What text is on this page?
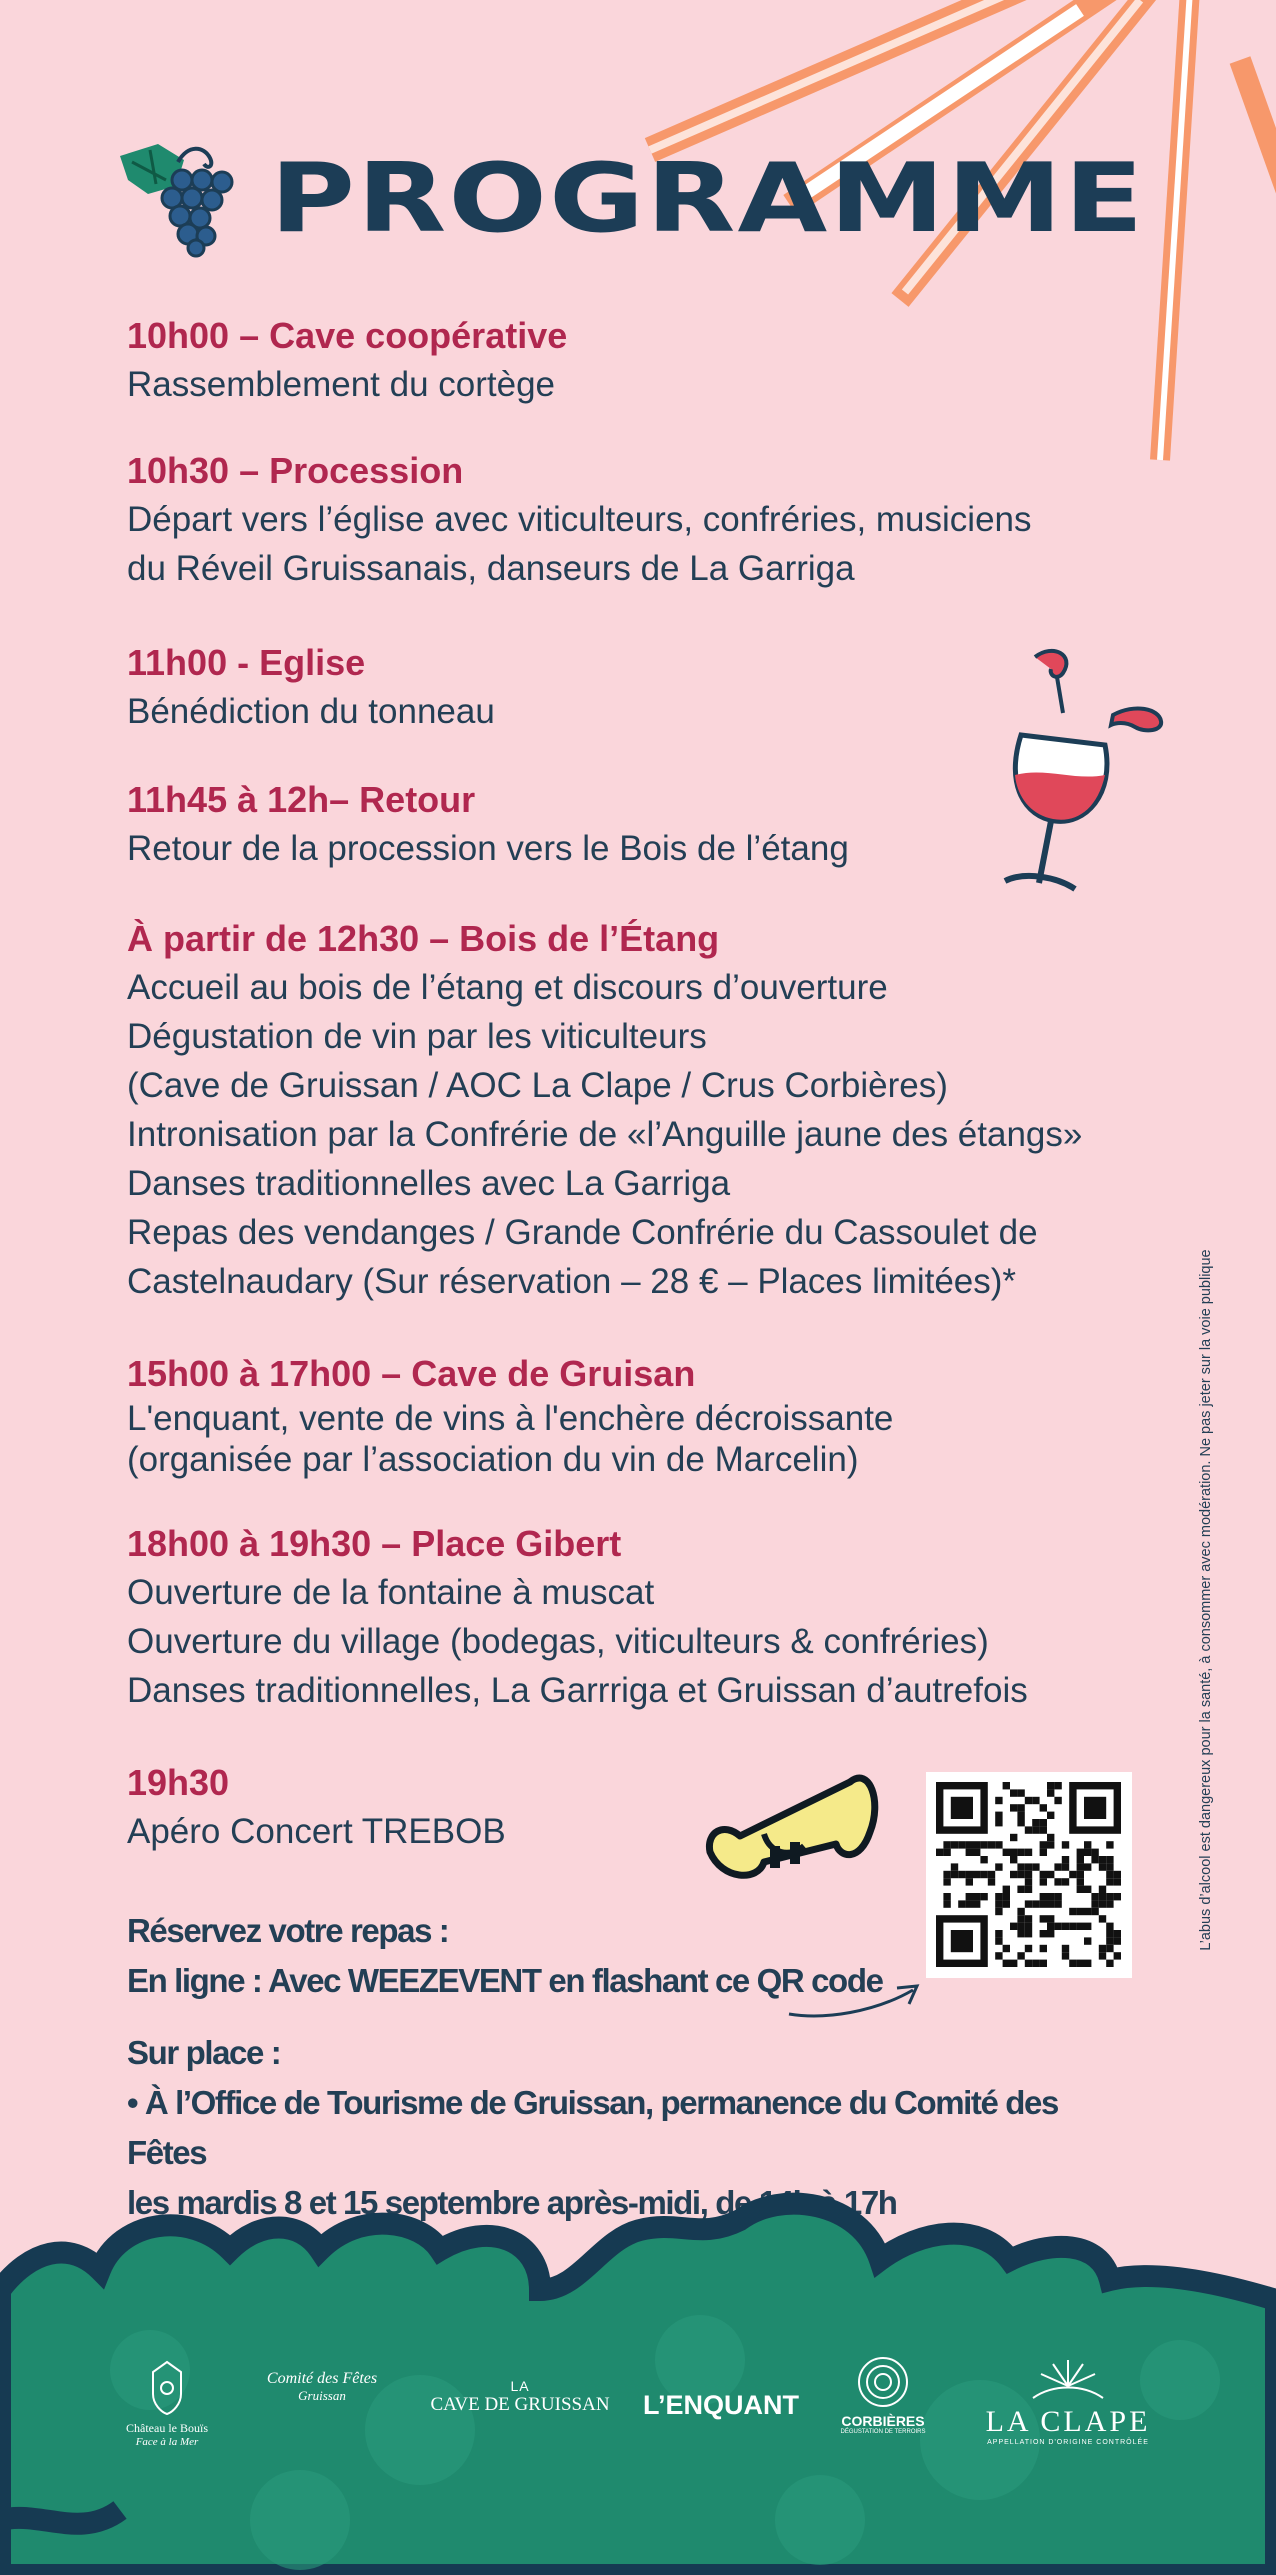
PROGRAMME
10h00 – Cave coopérative

Rassemblement du cortège

10h30 – Procession

Départ vers l’église avec viticulteurs, confréries, musiciens

du Réveil Gruissanais, danseurs de La Garriga

11h00 - Eglise

Bénédiction du tonneau

11h45 à 12h– Retour

Retour de la procession vers le Bois de l’étang

À partir de 12h30 – Bois de l’Étang

Accueil au bois de l’étang et discours d’ouverture

Dégustation de vin par les viticulteurs

(Cave de Gruissan / AOC La Clape / Crus Corbières)

Intronisation par la Confrérie de «l’Anguille jaune des étangs»

Danses traditionnelles avec La Garriga

Repas des vendanges / Grande Confrérie du Cassoulet de

Castelnaudary (Sur réservation – 28 € – Places limitées)*

15h00 à 17h00 – Cave de Gruisan

L'enquant, vente de vins à l'enchère décroissante

(organisée par l’association du vin de Marcelin)

18h00 à 19h30 – Place Gibert

Ouverture de la fontaine à muscat

Ouverture du village (bodegas, viticulteurs & confréries)

Danses traditionnelles, La Garrriga et Gruissan d’autrefois

19h30

Apéro Concert TREBOB

Réservez votre repas :
En ligne : Avec WEEZEVENT en flashant ce QR code
Sur place :
• À l’Office de Tourisme de Gruissan, permanence du Comité des Fêtes
les mardis 8 et 15 septembre après-midi, de 14h à 17h
L’abus d’alcool est dangereux pour la santé, à consommer avec modération. Ne pas jeter sur la voie publique
Château le Bouïs
Face à la Mer
Comité des Fêtes
Gruissan
LA
CAVE DE GRUISSAN	L’ENQUANT
CORBIÈRES
DÉGUSTATION DE TERROIRS	LA CLAPE
APPELLATION D'ORIGINE CONTRÔLÉE
